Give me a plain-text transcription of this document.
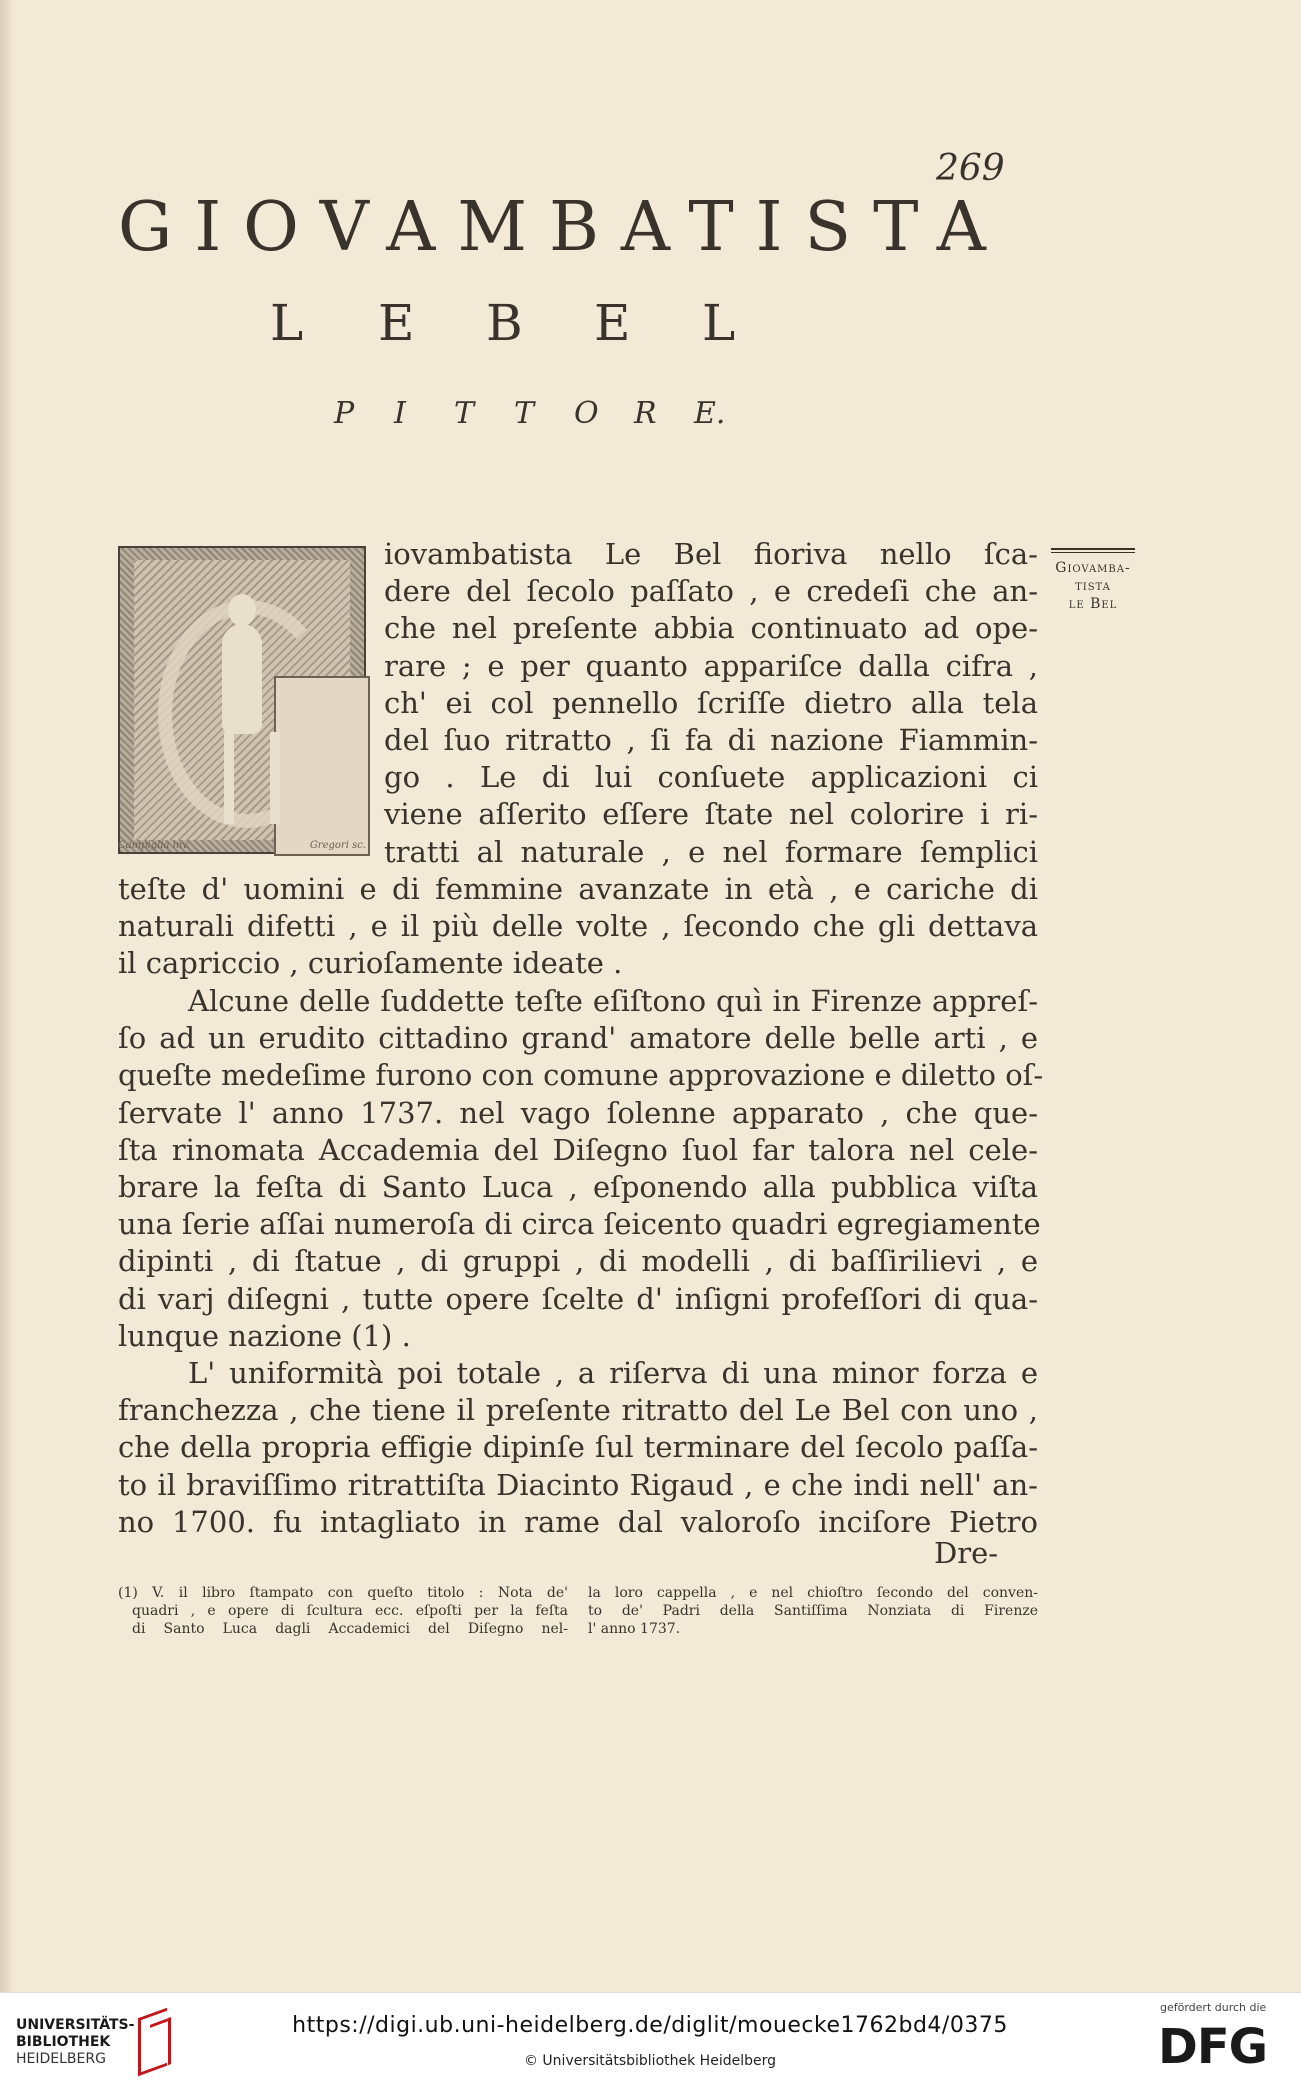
269
GIOVAMBATISTA
L E B E L
P I T T O R E.
Campiglia inv.	Gregori sc.
Giovamba-
tista
le Bel
iovambatista Le Bel fioriva nello ſca-
dere del ſecolo paſſato , e credeſi che an-
che nel preſente abbia continuato ad ope-
rare ; e per quanto appariſce dalla cifra ,
ch' ei col pennello ſcriſſe dietro alla tela
del ſuo ritratto , ſi fa di nazione Fiammin-
go . Le di lui conſuete applicazioni ci
viene aſſerito eſſere ſtate nel colorire i ri-
tratti al naturale , e nel formare ſemplici
teſte d' uomini e di femmine avanzate in età , e cariche di
naturali difetti , e il più delle volte , ſecondo che gli dettava
il capriccio , curioſamente ideate .
Alcune delle ſuddette teſte eſiſtono quì in Firenze appreſ-
ſo ad un erudito cittadino grand' amatore delle belle arti , e
queſte medeſime furono con comune approvazione e diletto oſ-
ſervate l' anno 1737. nel vago ſolenne apparato , che que-
ſta rinomata Accademia del Diſegno ſuol far talora nel cele-
brare la feſta di Santo Luca , eſponendo alla pubblica viſta
una ſerie aſſai numeroſa di circa ſeicento quadri egregiamente
dipinti , di ſtatue , di gruppi , di modelli , di baſſirilievi , e
di varj diſegni , tutte opere ſcelte d' inſigni profeſſori di qua-
lunque nazione (1) .
L' uniformità poi totale , a riſerva di una minor forza e
franchezza , che tiene il preſente ritratto del Le Bel con uno ,
che della propria effigie dipinſe ſul terminare del ſecolo paſſa-
to il braviſſimo ritrattiſta Diacinto Rigaud , e che indi nell' an-
no 1700. fu intagliato in rame dal valoroſo inciſore Pietro
Dre-
(1) V. il libro ſtampato con queſto titolo : Nota de'
quadri , e opere di ſcultura ecc. eſpoſti per la feſta
di Santo Luca dagli Accademici del Diſegno nel-
la loro cappella , e nel chioſtro ſecondo del conven-
to de' Padri della Santiſſima Nonziata di Firenze
l' anno 1737.
UNIVERSITÄTS-
BIBLIOTHEK
HEIDELBERG
https://digi.ub.uni-heidelberg.de/diglit/mouecke1762bd4/0375
© Universitätsbibliothek Heidelberg
gefördert durch die
DFG
